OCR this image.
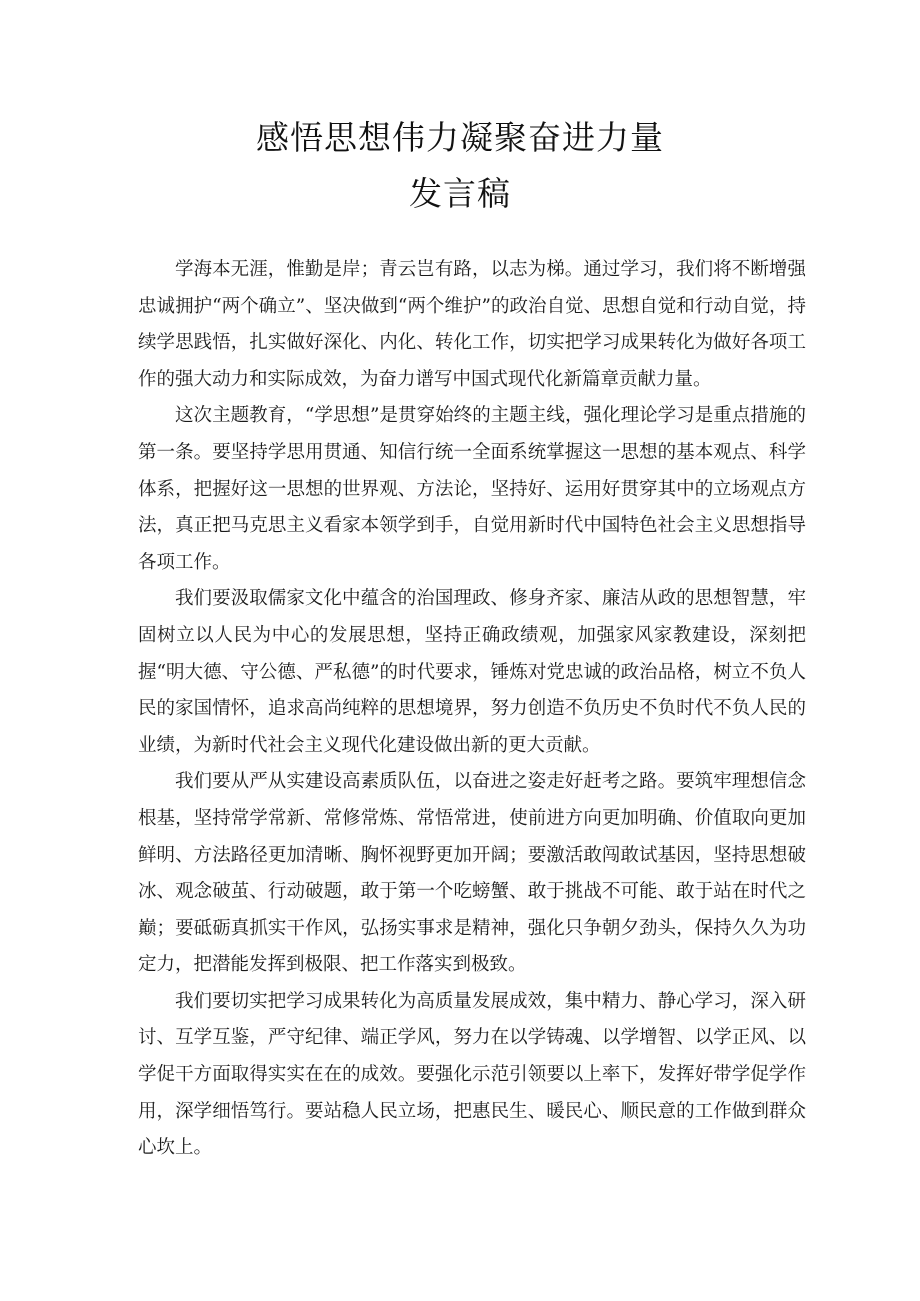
感悟思想伟力凝聚奋进力量

发言稿

学海本无涯，惟勤是岸；青云岂有路，以志为梯。通过学习，我们将不断增强忠诚拥护“两个确立”、坚决做到“两个维护”的政治自觉、思想自觉和行动自觉，持续学思践悟，扎实做好深化、内化、转化工作，切实把学习成果转化为做好各项工作的强大动力和实际成效，为奋力谱写中国式现代化新篇章贡献力量。

这次主题教育，“学思想”是贯穿始终的主题主线，强化理论学习是重点措施的第一条。要坚持学思用贯通、知信行统一全面系统掌握这一思想的基本观点、科学体系，把握好这一思想的世界观、方法论，坚持好、运用好贯穿其中的立场观点方法，真正把马克思主义看家本领学到手，自觉用新时代中国特色社会主义思想指导各项工作。

我们要汲取儒家文化中蕴含的治国理政、修身齐家、廉洁从政的思想智慧，牢固树立以人民为中心的发展思想，坚持正确政绩观，加强家风家教建设，深刻把握“明大德、守公德、严私德”的时代要求，锤炼对党忠诚的政治品格，树立不负人民的家国情怀，追求高尚纯粹的思想境界，努力创造不负历史不负时代不负人民的业绩，为新时代社会主义现代化建设做出新的更大贡献。

我们要从严从实建设高素质队伍，以奋进之姿走好赶考之路。要筑牢理想信念根基，坚持常学常新、常修常炼、常悟常进，使前进方向更加明确、价值取向更加鲜明、方法路径更加清晰、胸怀视野更加开阔；要激活敢闯敢试基因，坚持思想破冰、观念破茧、行动破题，敢于第一个吃螃蟹、敢于挑战不可能、敢于站在时代之巅；要砥砺真抓实干作风，弘扬实事求是精神，强化只争朝夕劲头，保持久久为功定力，把潜能发挥到极限、把工作落实到极致。

我们要切实把学习成果转化为高质量发展成效，集中精力、静心学习，深入研讨、互学互鉴，严守纪律、端正学风，努力在以学铸魂、以学增智、以学正风、以学促干方面取得实实在在的成效。要强化示范引领要以上率下，发挥好带学促学作用，深学细悟笃行。要站稳人民立场，把惠民生、暖民心、顺民意的工作做到群众心坎上。
